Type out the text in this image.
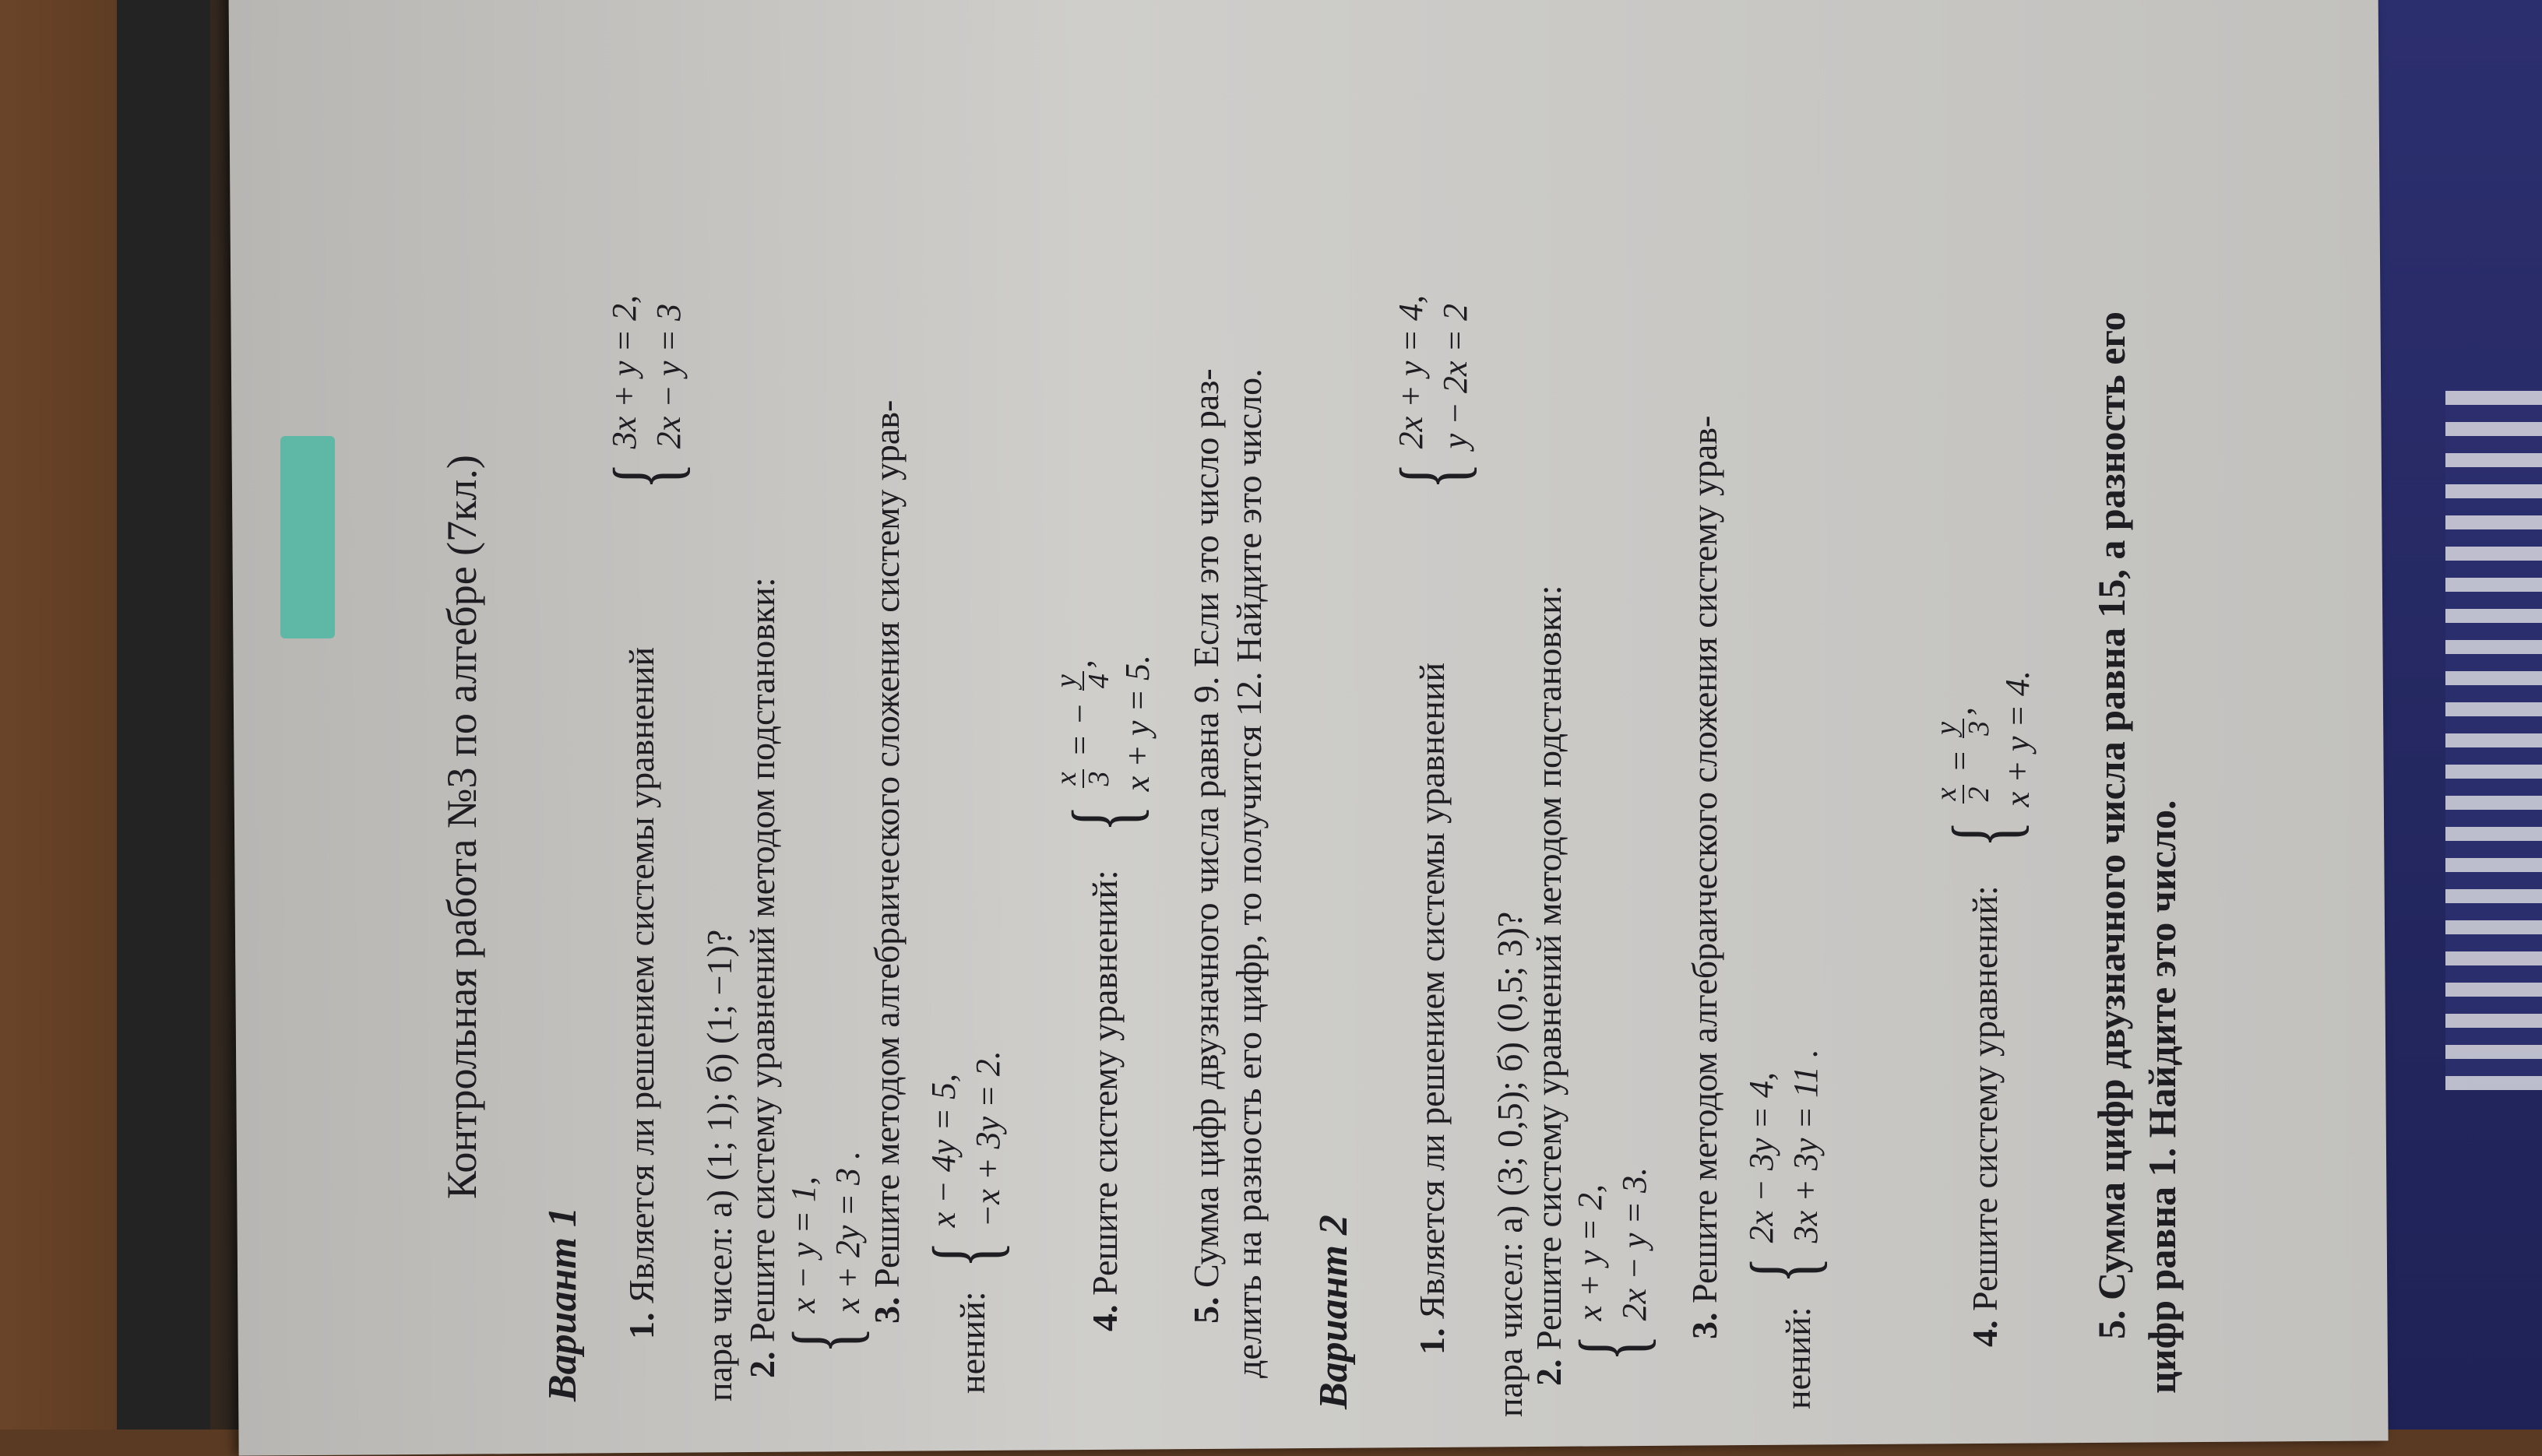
Контрольная работа №3 по алгебре (7кл.)
Вариант 1 1. Является ли решением системы уравнений
{
3x + y = 2, 2x − y = 3
пара чисел: а) (1; 1); б) (1; −1)? 2. Решите систему уравнений методом подстановки:
{
x − y = 1, x + 2y = 3 . 3. Решите методом алгебраического сложения систему урав-
нений:
{
x − 4y = 5, −x + 3y = 2.
4. Решите систему уравнений:
{
x 3
= −
y 4
, x + y = 5.
5. Сумма цифр двузначного числа равна 9. Если это число раз- делить на разность его цифр, то получится 12. Найдите это число. Вариант 2 1. Является ли решением системы уравнений
{
2x + y = 4, y − 2x = 2
пара чисел: а) (3; 0,5); б) (0,5; 3)? 2. Решите систему уравнений методом подстановки:
{
x + y = 2, 2x − y = 3.
3. Решите методом алгебраического сложения систему урав-
нений:
{
2x − 3y = 4, 3x + 3y = 11 .
4. Решите систему уравнений:
{
x 2
=
y 3
, x + y = 4.
5. Сумма цифр двузначного числа равна 15, а разность его цифр равна 1. Найдите это число.
